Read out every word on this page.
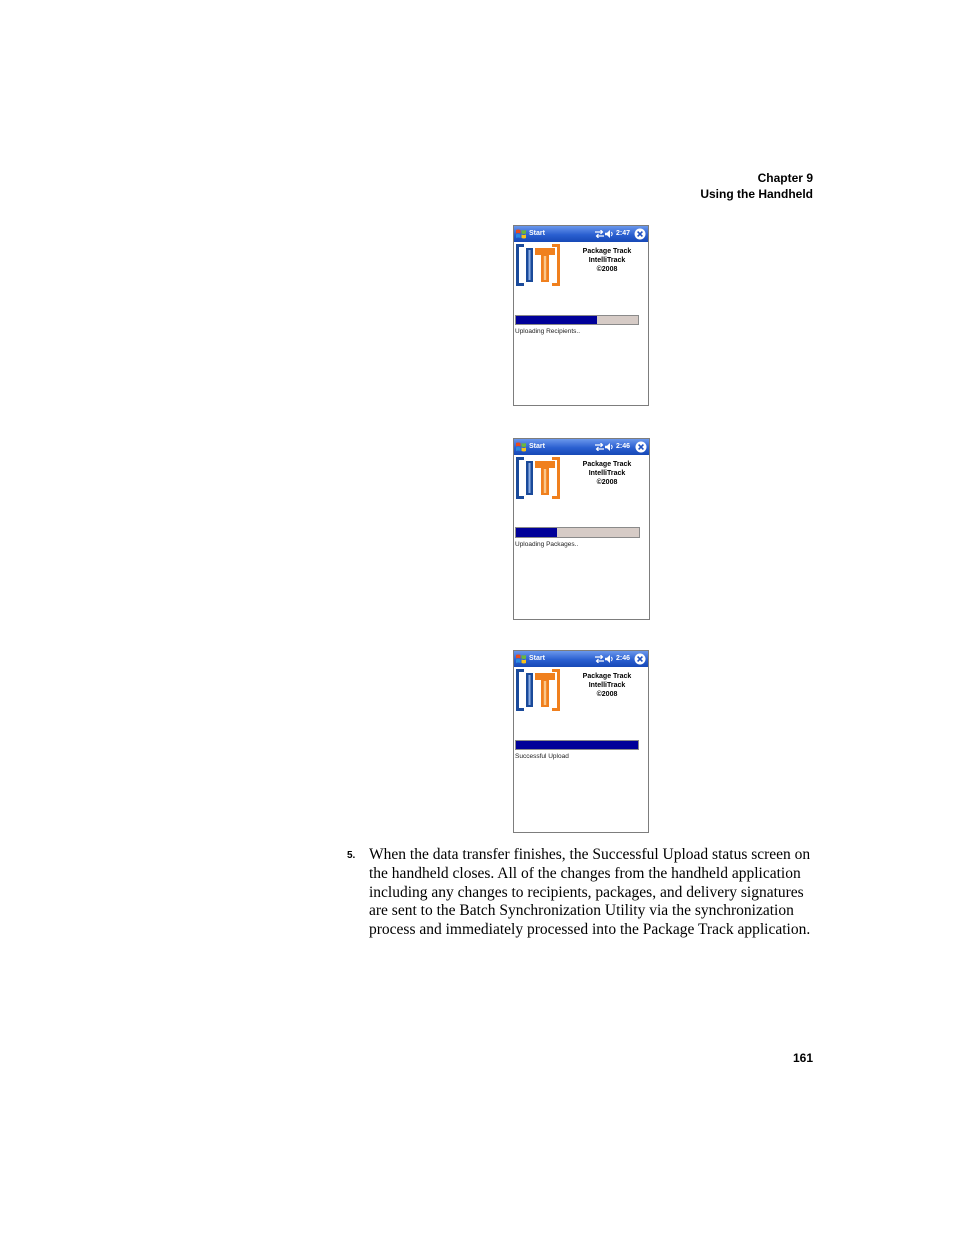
Chapter 9
Using the Handheld
Start	2:47
Package Track
IntelliTrack
©2008
Uploading Recipients..
Start	2:46
Package Track
IntelliTrack
©2008
Uploading Packages..
Start	2:46
Package Track
IntelliTrack
©2008
Successful Upload
5. When the data transfer finishes, the Successful Upload status screen on
the handheld closes. All of the changes from the handheld application
including any changes to recipients, packages, and delivery signatures
are sent to the Batch Synchronization Utility via the synchronization
process and immediately processed into the Package Track application.
161
